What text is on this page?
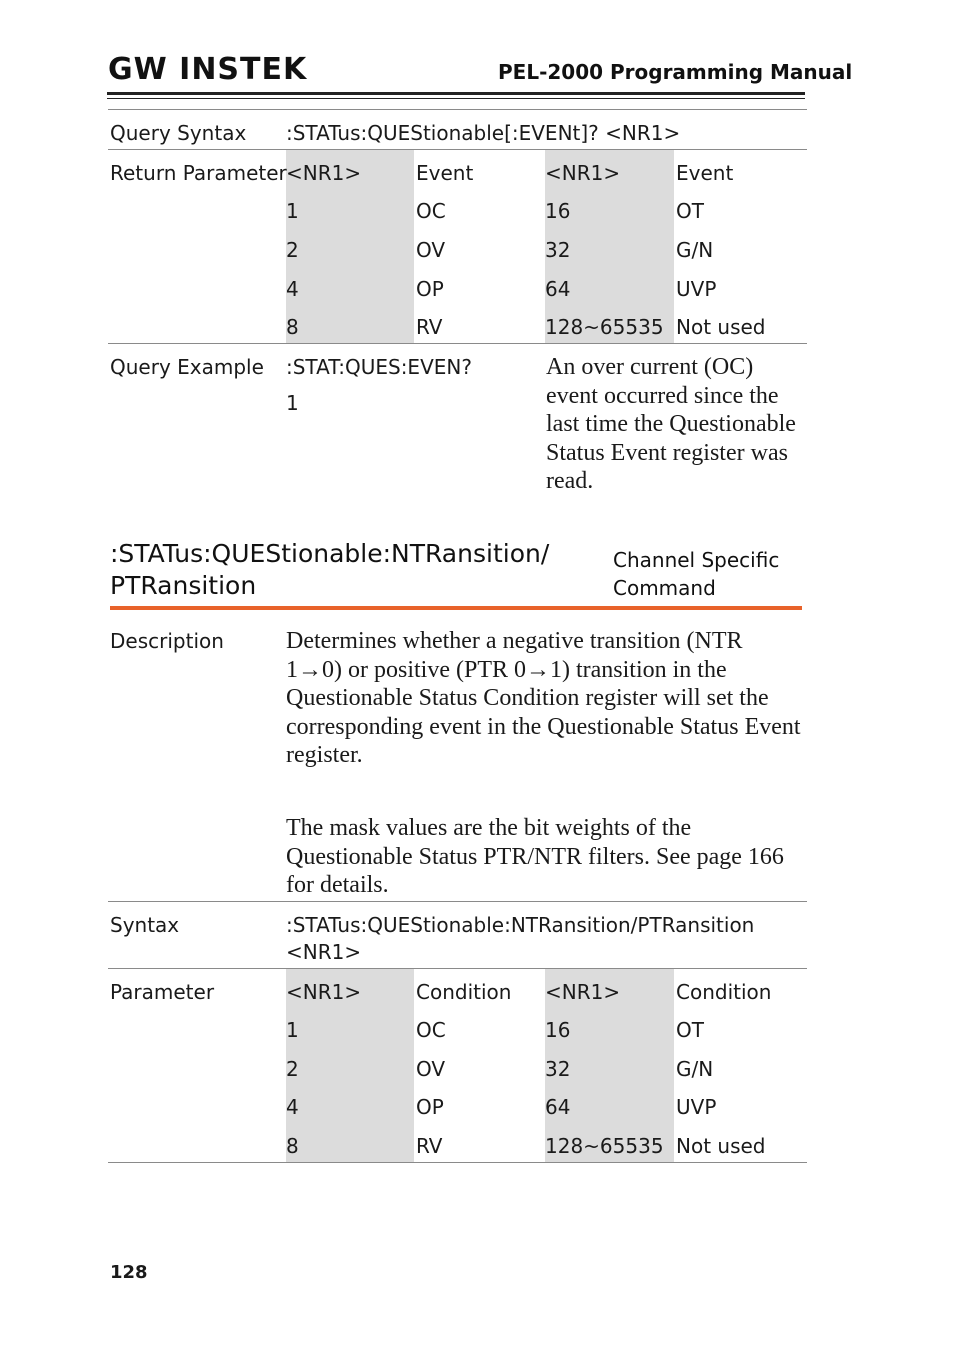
GW INSTEK	PEL-2000 Programming Manual
Query Syntax :STATus:QUEStionable[:EVENt]? <NR1>
Return Parameter <NR1>	Event	<NR1>	Event
1	OC	16	OT
2	OV	32	G/N
4	OP	64	UVP
8	RV	128~65535 Not used
Query Example :STAT:QUES:EVEN?
1
An over current (OC) event occurred since the last time the Questionable Status Event register was read.
:STATus:QUEStionable:NTRansition/
PTRansition
Channel Specific
Command
Description	Determines whether a negative transition (NTR 1→0) or positive (PTR 0→1) transition in the Questionable Status Condition register will set the corresponding event in the Questionable Status Event register.
The mask values are the bit weights of the Questionable Status PTR/NTR filters. See page 166 for details.
Syntax	:STATus:QUEStionable:NTRansition/PTRansition
<NR1>
Parameter	<NR1>	Condition <NR1>	Condition
1	OC	16	OT
2	OV	32	G/N
4	OP	64	UVP
8	RV	128~65535 Not used
128
